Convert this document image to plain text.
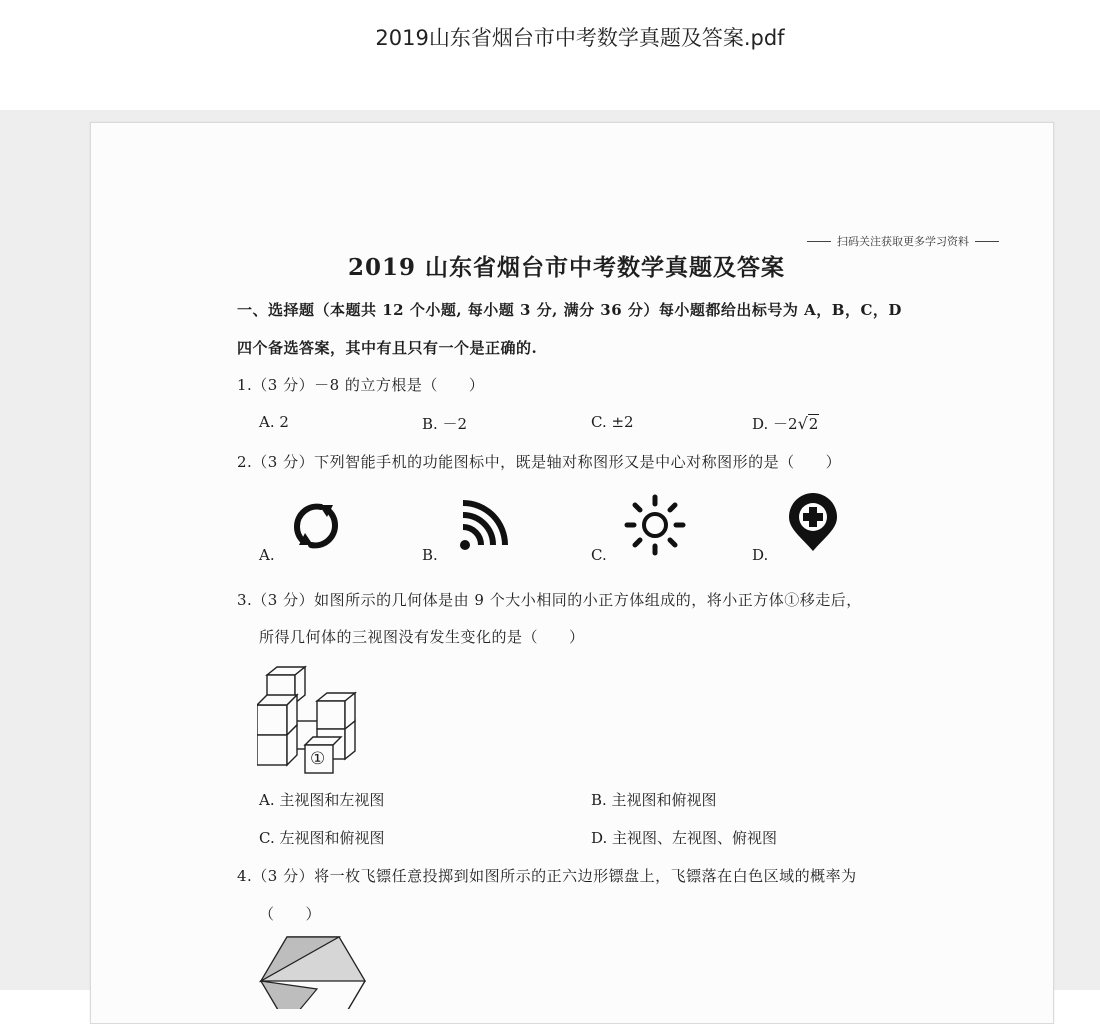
2019山东省烟台市中考数学真题及答案.pdf
扫码关注获取更多学习资料
2019 山东省烟台市中考数学真题及答案
一、选择题（本题共 12 个小题, 每小题 3 分, 满分 36 分）每小题都给出标号为 A，B，C，D
四个备选答案，其中有且只有一个是正确的.
1.（3 分）－8 的立方根是（　　）
A. 2	B. －2	C. ±2	D. －2√2
2.（3 分）下列智能手机的功能图标中，既是轴对称图形又是中心对称图形的是（　　）
A.	B.	C.	D.
3.（3 分）如图所示的几何体是由 9 个大小相同的小正方体组成的，将小正方体①移走后，
所得几何体的三视图没有发生变化的是（　　）
①
A. 主视图和左视图	B. 主视图和俯视图
C. 左视图和俯视图	D. 主视图、左视图、俯视图
4.（3 分）将一枚飞镖任意投掷到如图所示的正六边形镖盘上，飞镖落在白色区域的概率为
（　　）
